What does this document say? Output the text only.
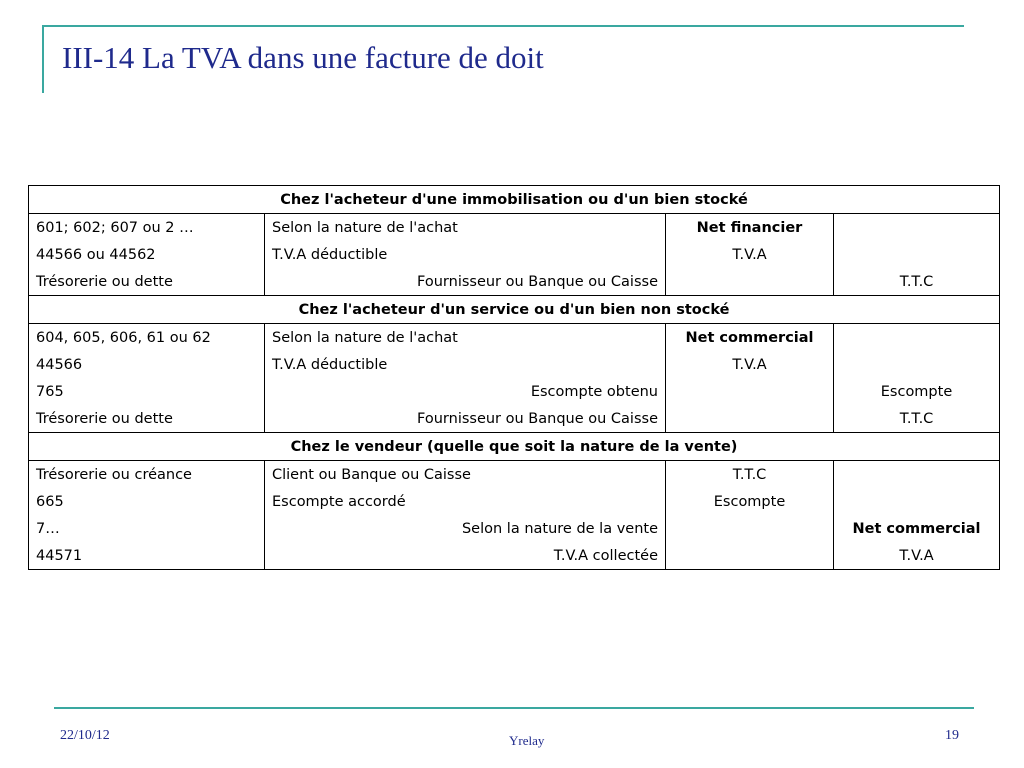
III-14 La TVA dans une facture de doit
Chez l'acheteur d'une immobilisation ou d'un bien stocké			
601; 602; 607 ou 2 …	Selon la nature de l'achat	Net financier	
44566 ou 44562	T.V.A déductible	T.V.A	
Trésorerie ou dette	Fournisseur ou Banque ou Caisse		T.T.C
Chez l'acheteur d'un service ou d'un bien non stocké			
604, 605, 606, 61 ou 62	Selon la nature de l'achat	Net commercial	
44566	T.V.A déductible	T.V.A	
765	Escompte obtenu		Escompte
Trésorerie ou dette	Fournisseur ou Banque ou Caisse		T.T.C
Chez le vendeur (quelle que soit la nature de la vente)			
Trésorerie ou créance	Client ou Banque ou Caisse	T.T.C	
665	Escompte accordé	Escompte	
7…	Selon la nature de la vente		Net commercial
44571	T.V.A collectée		T.V.A
22/10/12	Yrelay	19
